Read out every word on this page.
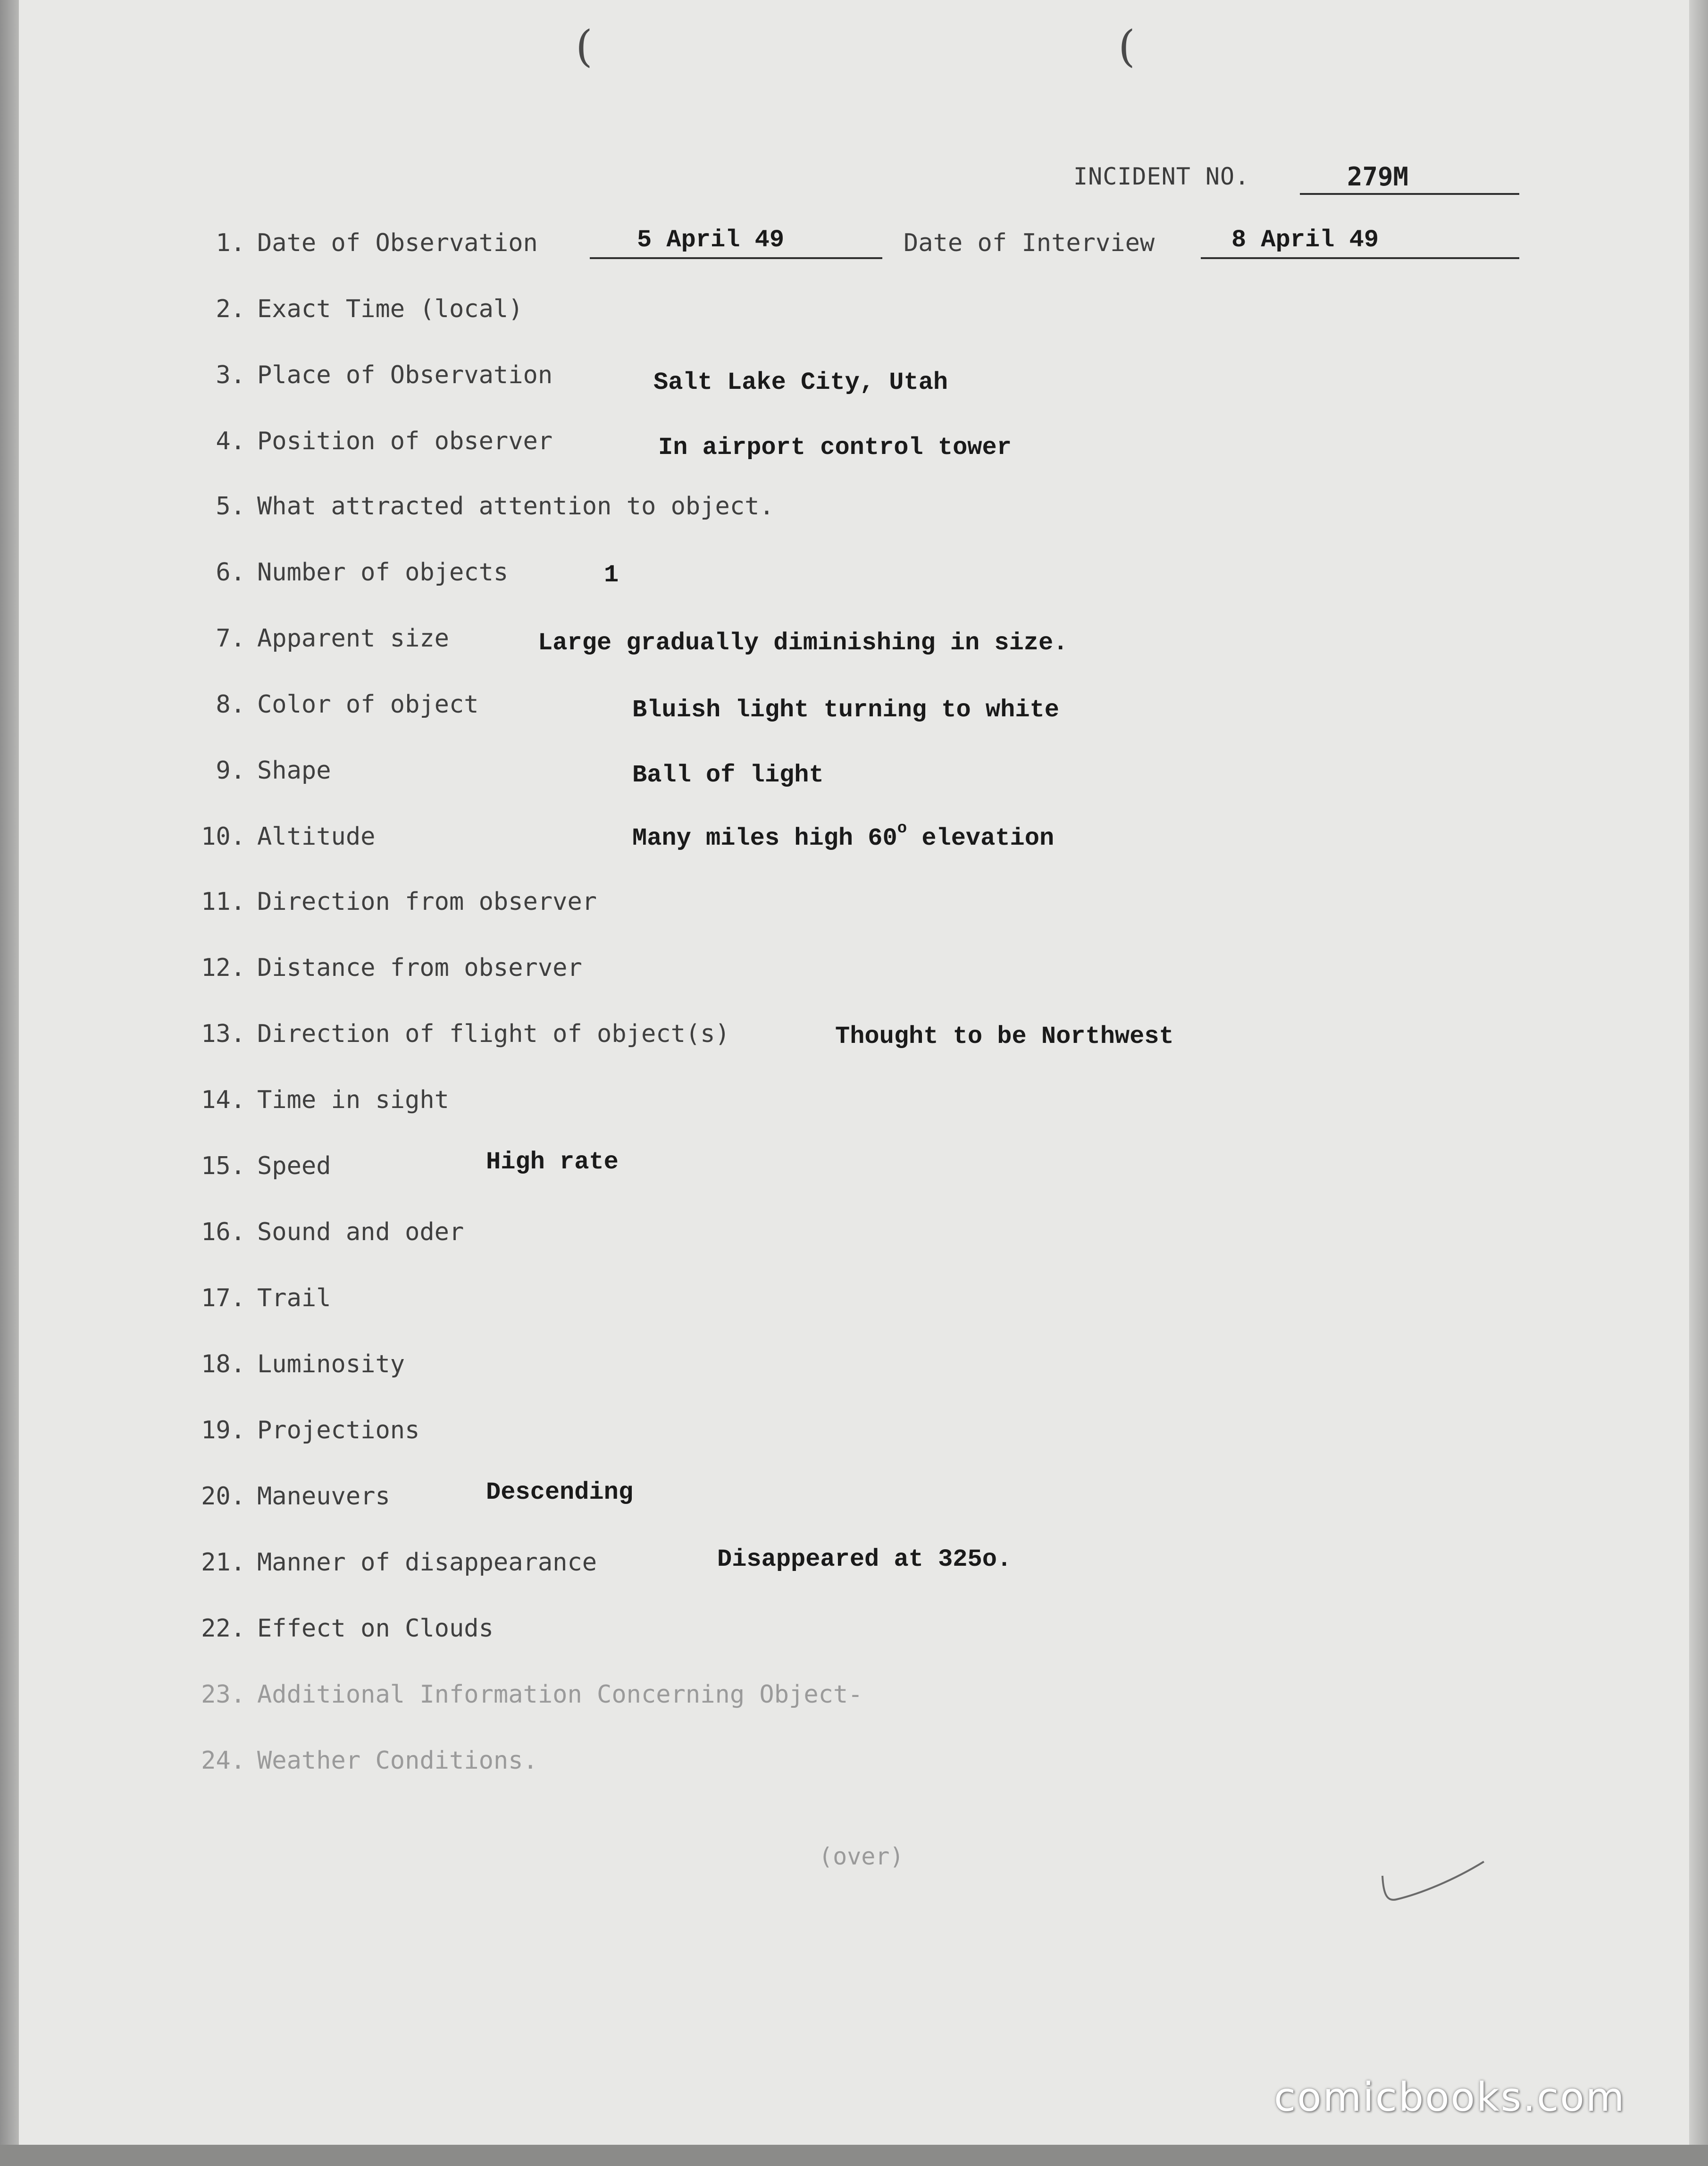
(	(
INCIDENT NO.	279M
1. Date of Observation	5 April 49	Date of Interview	8 April 49
2. Exact Time (local)
3. Place of Observation	Salt Lake City, Utah
4. Position of observer	In airport control tower
5. What attracted attention to object.
6. Number of objects	1
7. Apparent size	Large gradually diminishing in size.
8. Color of object	Bluish light turning to white
9. Shape	Ball of light
10. Altitude	Many miles high 60$^o$ elevation
11. Direction from observer
12. Distance from observer
13. Direction of flight of object(s)	Thought to be Northwest
14. Time in sight
15. Speed	High rate
16. Sound and oder
17. Trail
18. Luminosity
19. Projections
20. Maneuvers	Descending
21. Manner of disappearance	Disappeared at 325o.
22. Effect on Clouds
23. Additional Information Concerning Object-
24. Weather Conditions.
(over)
comicbooks.com
